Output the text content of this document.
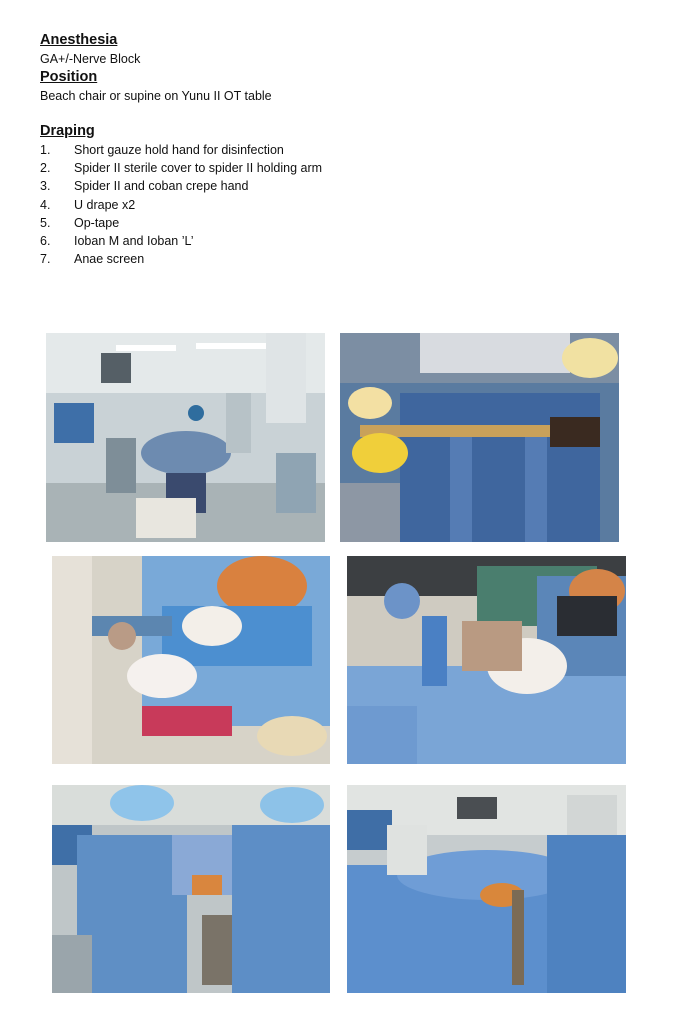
Anesthesia

GA+/-Nerve Block

Position

Beach chair or supine on Yunu II OT table

Draping

1.	Short gauze hold hand for disinfection
2.	Spider II sterile cover to spider II holding arm
3.	Spider II and coban crepe hand
4.	U drape x2
5.	Op-tape
6.	Ioban M and Ioban ’L’
7.	Anae screen
